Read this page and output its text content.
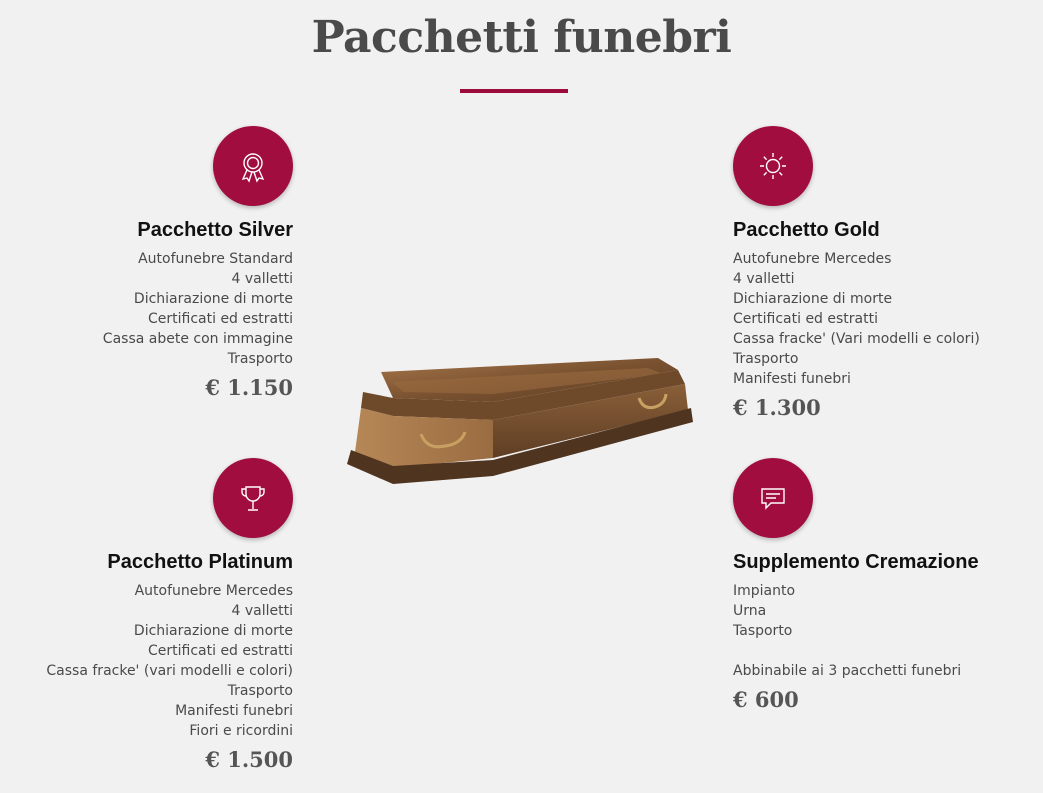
Pacchetti funebri
Pacchetto Silver
Autofunebre Standard
4 valletti
Dichiarazione di morte
Certificati ed estratti
Cassa abete con immagine
Trasporto
€ 1.150
Pacchetto Gold
Autofunebre Mercedes
4 valletti
Dichiarazione di morte
Certificati ed estratti
Cassa fracke' (Vari modelli e colori)
Trasporto
Manifesti funebri
€ 1.300
Pacchetto Platinum
Autofunebre Mercedes
4 valletti
Dichiarazione di morte
Certificati ed estratti
Cassa fracke' (vari modelli e colori)
Trasporto
Manifesti funebri
Fiori e ricordini
€ 1.500
Supplemento Cremazione
Impianto
Urna
Tasporto
Abbinabile ai 3 pacchetti funebri
€ 600
